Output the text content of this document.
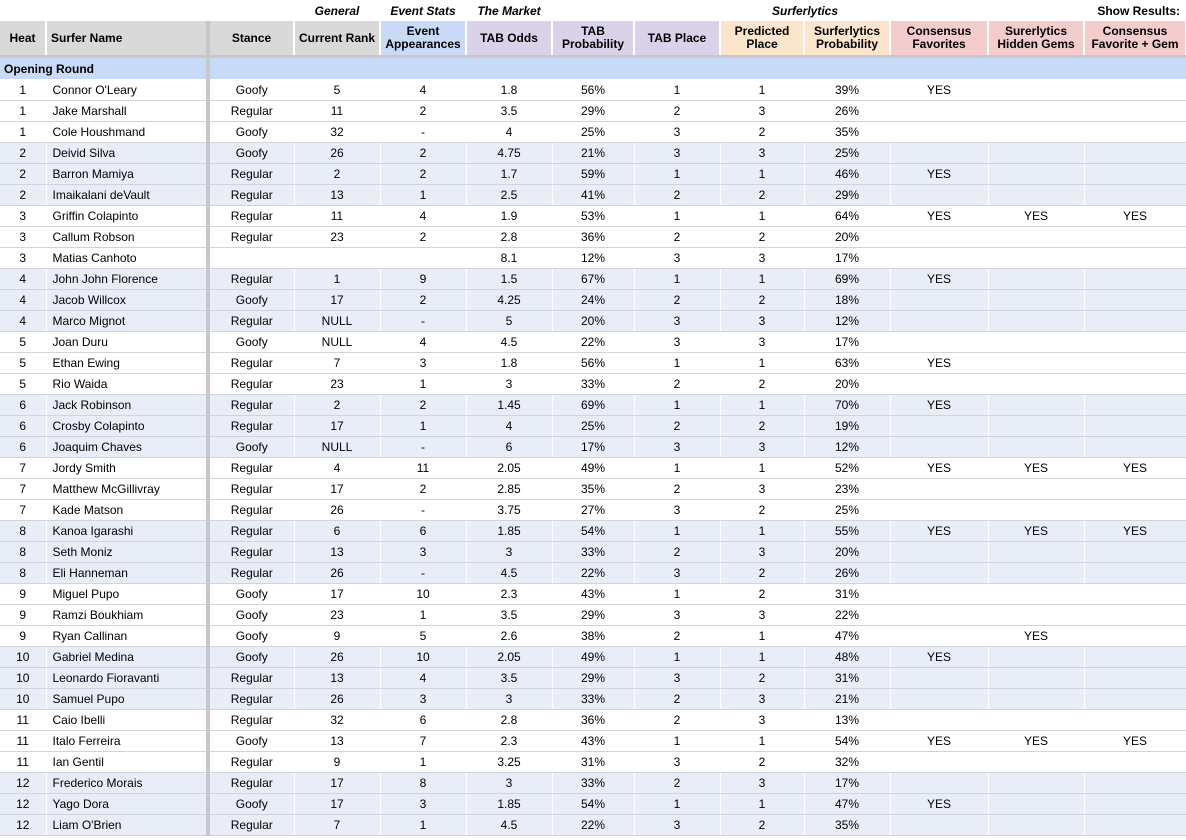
			General	Event Stats	The Market			Surferlytics			Show Results:	
Heat	Surfer Name	Stance	Current Rank	Event Appearances	TAB Odds	TAB Probability	TAB Place	Predicted Place	Surferlytics Probability	Consensus Favorites	Surerlytics Hidden Gems	Consensus Favorite + Gem

Opening Round												
1	Connor O'Leary	Goofy	5	4	1.8	56%	1	1	39%	YES		
1	Jake Marshall	Regular	11	2	3.5	29%	2	3	26%			
1	Cole Houshmand	Goofy	32	-	4	25%	3	2	35%			
2	Deivid Silva	Goofy	26	2	4.75	21%	3	3	25%			
2	Barron Mamiya	Regular	2	2	1.7	59%	1	1	46%	YES		
2	Imaikalani deVault	Regular	13	1	2.5	41%	2	2	29%			
3	Griffin Colapinto	Regular	11	4	1.9	53%	1	1	64%	YES	YES	YES
3	Callum Robson	Regular	23	2	2.8	36%	2	2	20%			
3	Matias Canhoto				8.1	12%	3	3	17%			
4	John John Florence	Regular	1	9	1.5	67%	1	1	69%	YES		
4	Jacob Willcox	Goofy	17	2	4.25	24%	2	2	18%			
4	Marco Mignot	Regular	NULL	-	5	20%	3	3	12%			
5	Joan Duru	Goofy	NULL	4	4.5	22%	3	3	17%			
5	Ethan Ewing	Regular	7	3	1.8	56%	1	1	63%	YES		
5	Rio Waida	Regular	23	1	3	33%	2	2	20%			
6	Jack Robinson	Regular	2	2	1.45	69%	1	1	70%	YES		
6	Crosby Colapinto	Regular	17	1	4	25%	2	2	19%			
6	Joaquim Chaves	Goofy	NULL	-	6	17%	3	3	12%			
7	Jordy Smith	Regular	4	11	2.05	49%	1	1	52%	YES	YES	YES
7	Matthew McGillivray	Regular	17	2	2.85	35%	2	3	23%			
7	Kade Matson	Regular	26	-	3.75	27%	3	2	25%			
8	Kanoa Igarashi	Regular	6	6	1.85	54%	1	1	55%	YES	YES	YES
8	Seth Moniz	Regular	13	3	3	33%	2	3	20%			
8	Eli Hanneman	Regular	26	-	4.5	22%	3	2	26%			
9	Miguel Pupo	Goofy	17	10	2.3	43%	1	2	31%			
9	Ramzi Boukhiam	Goofy	23	1	3.5	29%	3	3	22%			
9	Ryan Callinan	Goofy	9	5	2.6	38%	2	1	47%		YES	
10	Gabriel Medina	Goofy	26	10	2.05	49%	1	1	48%	YES		
10	Leonardo Fioravanti	Regular	13	4	3.5	29%	3	2	31%			
10	Samuel Pupo	Regular	26	3	3	33%	2	3	21%			
11	Caio Ibelli	Regular	32	6	2.8	36%	2	3	13%			
11	Italo Ferreira	Goofy	13	7	2.3	43%	1	1	54%	YES	YES	YES
11	Ian Gentil	Regular	9	1	3.25	31%	3	2	32%			
12	Frederico Morais	Regular	17	8	3	33%	2	3	17%			
12	Yago Dora	Goofy	17	3	1.85	54%	1	1	47%	YES		
12	Liam O'Brien	Regular	7	1	4.5	22%	3	2	35%			
